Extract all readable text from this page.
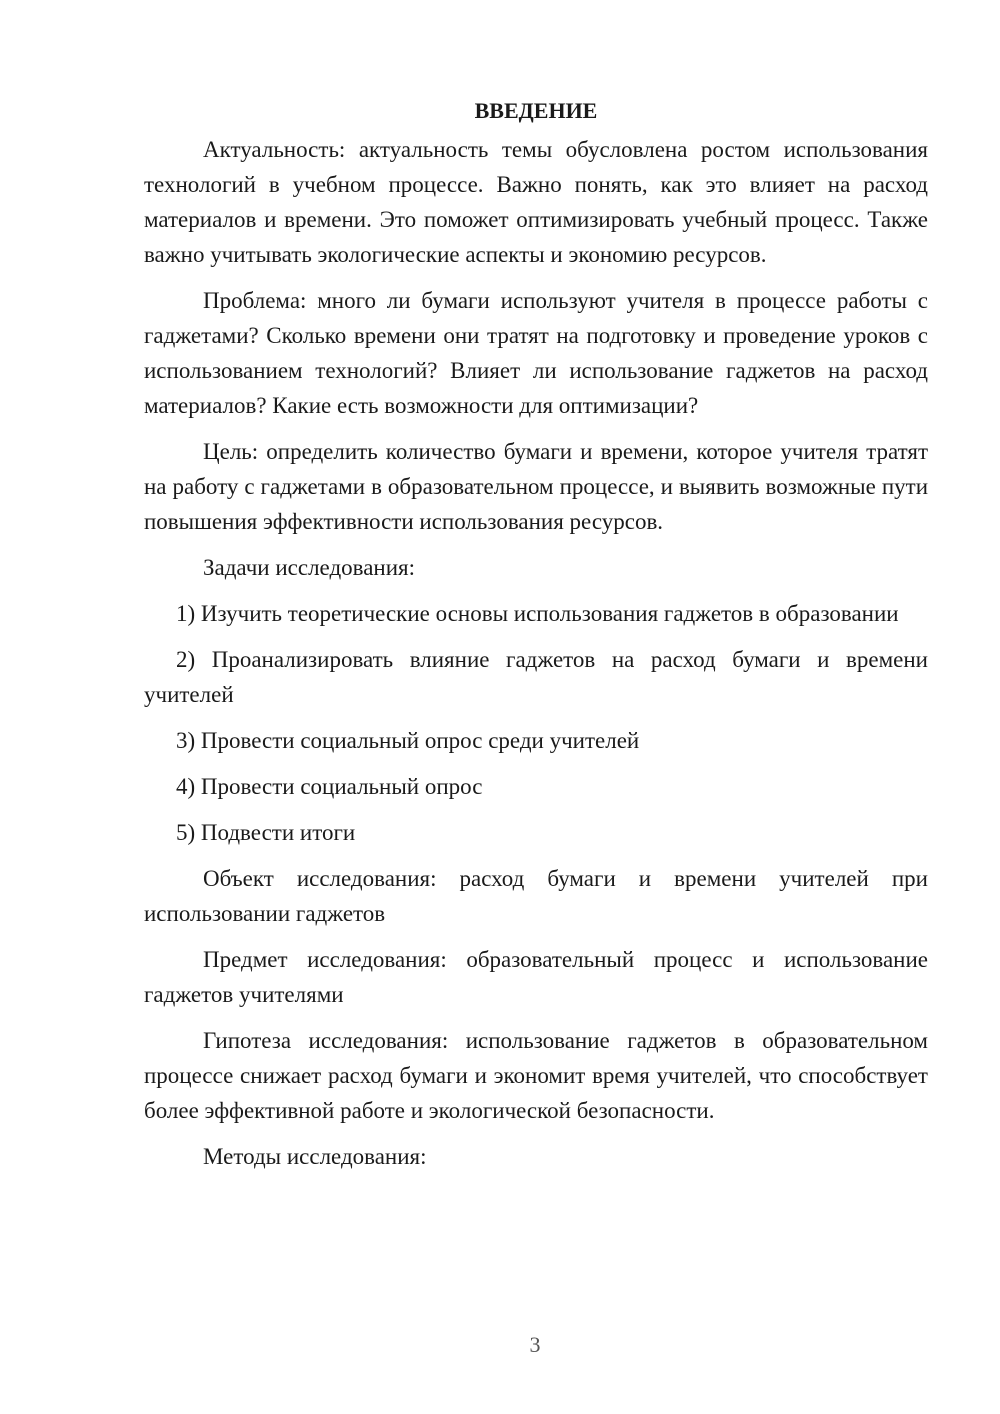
ВВЕДЕНИЕ

Актуальность: актуальность темы обусловлена ростом использования технологий в учебном процессе. Важно понять, как это влияет на расход материалов и времени. Это поможет оптимизировать учебный процесс. Также важно учитывать экологические аспекты и экономию ресурсов.

Проблема: много ли бумаги используют учителя в процессе работы с гаджетами? Сколько времени они тратят на подготовку и проведение уроков с использованием технологий? Влияет ли использование гаджетов на расход материалов? Какие есть возможности для оптимизации?

Цель: определить количество бумаги и времени, которое учителя тратят на работу с гаджетами в образовательном процессе, и выявить возможные пути повышения эффективности использования ресурсов.

Задачи исследования:

1) Изучить теоретические основы использования гаджетов в образовании

2) Проанализировать влияние гаджетов на расход бумаги и времени учителей

3) Провести социальный опрос среди учителей

4) Провести социальный опрос

5) Подвести итоги

Объект исследования: расход бумаги и времени учителей при использовании гаджетов

Предмет исследования: образовательный процесс и использование гаджетов учителями

Гипотеза исследования: использование гаджетов в образовательном процессе снижает расход бумаги и экономит время учителей, что способствует более эффективной работе и экологической безопасности.

Методы исследования:

3
